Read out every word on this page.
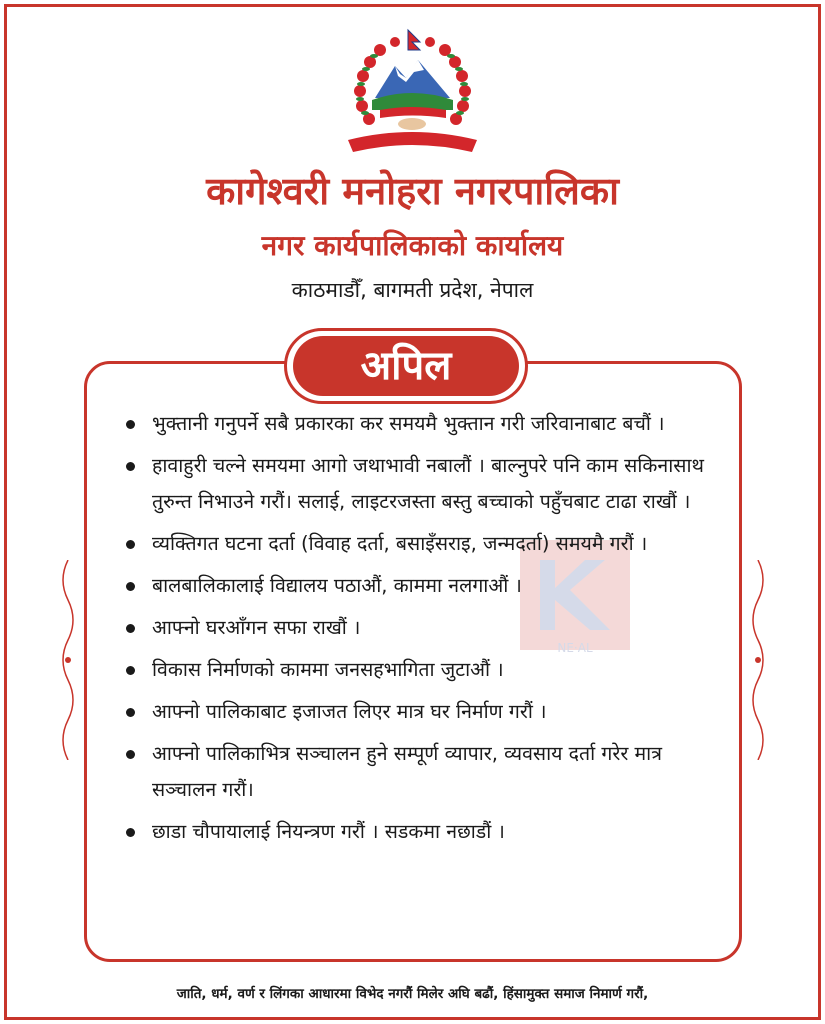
कागेश्वरी मनोहरा नगरपालिका
नगर कार्यपालिकाको कार्यालय
काठमाडौँ, बागमती प्रदेश, नेपाल
NE·AL
अपिल
भुक्तानी गनुपर्ने सबै प्रकारका कर समयमै भुक्तान गरी जरिवानाबाट बचौं ।
हावाहुरी चल्ने समयमा आगो जथाभावी नबालौं । बाल्नुपरे पनि काम सकिनासाथ तुरुन्त निभाउने गरौं। सलाई, लाइटरजस्ता बस्तु बच्चाको पहुँचबाट टाढा राखौं ।
व्यक्तिगत घटना दर्ता (विवाह दर्ता, बसाइँसराइ, जन्मदर्ता) समयमै गरौं ।
बालबालिकालाई विद्यालय पठाऔं, काममा नलगाऔं ।
आफ्नो घरआँगन सफा राखौं ।
विकास निर्माणको काममा जनसहभागिता जुटाऔं ।
आफ्नो पालिकाबाट इजाजत लिएर मात्र घर निर्माण गरौं ।
आफ्नो पालिकाभित्र सञ्चालन हुने सम्पूर्ण व्यापार, व्यवसाय दर्ता गरेर मात्र सञ्चालन गरौं।
छाडा चौपायालाई नियन्त्रण गरौं । सडकमा नछाडौं ।
जाति, धर्म, वर्ण र लिंगका आधारमा विभेद नगरौं मिलेर अघि बढौं, हिंसामुक्त समाज निमार्ण गरौं,
